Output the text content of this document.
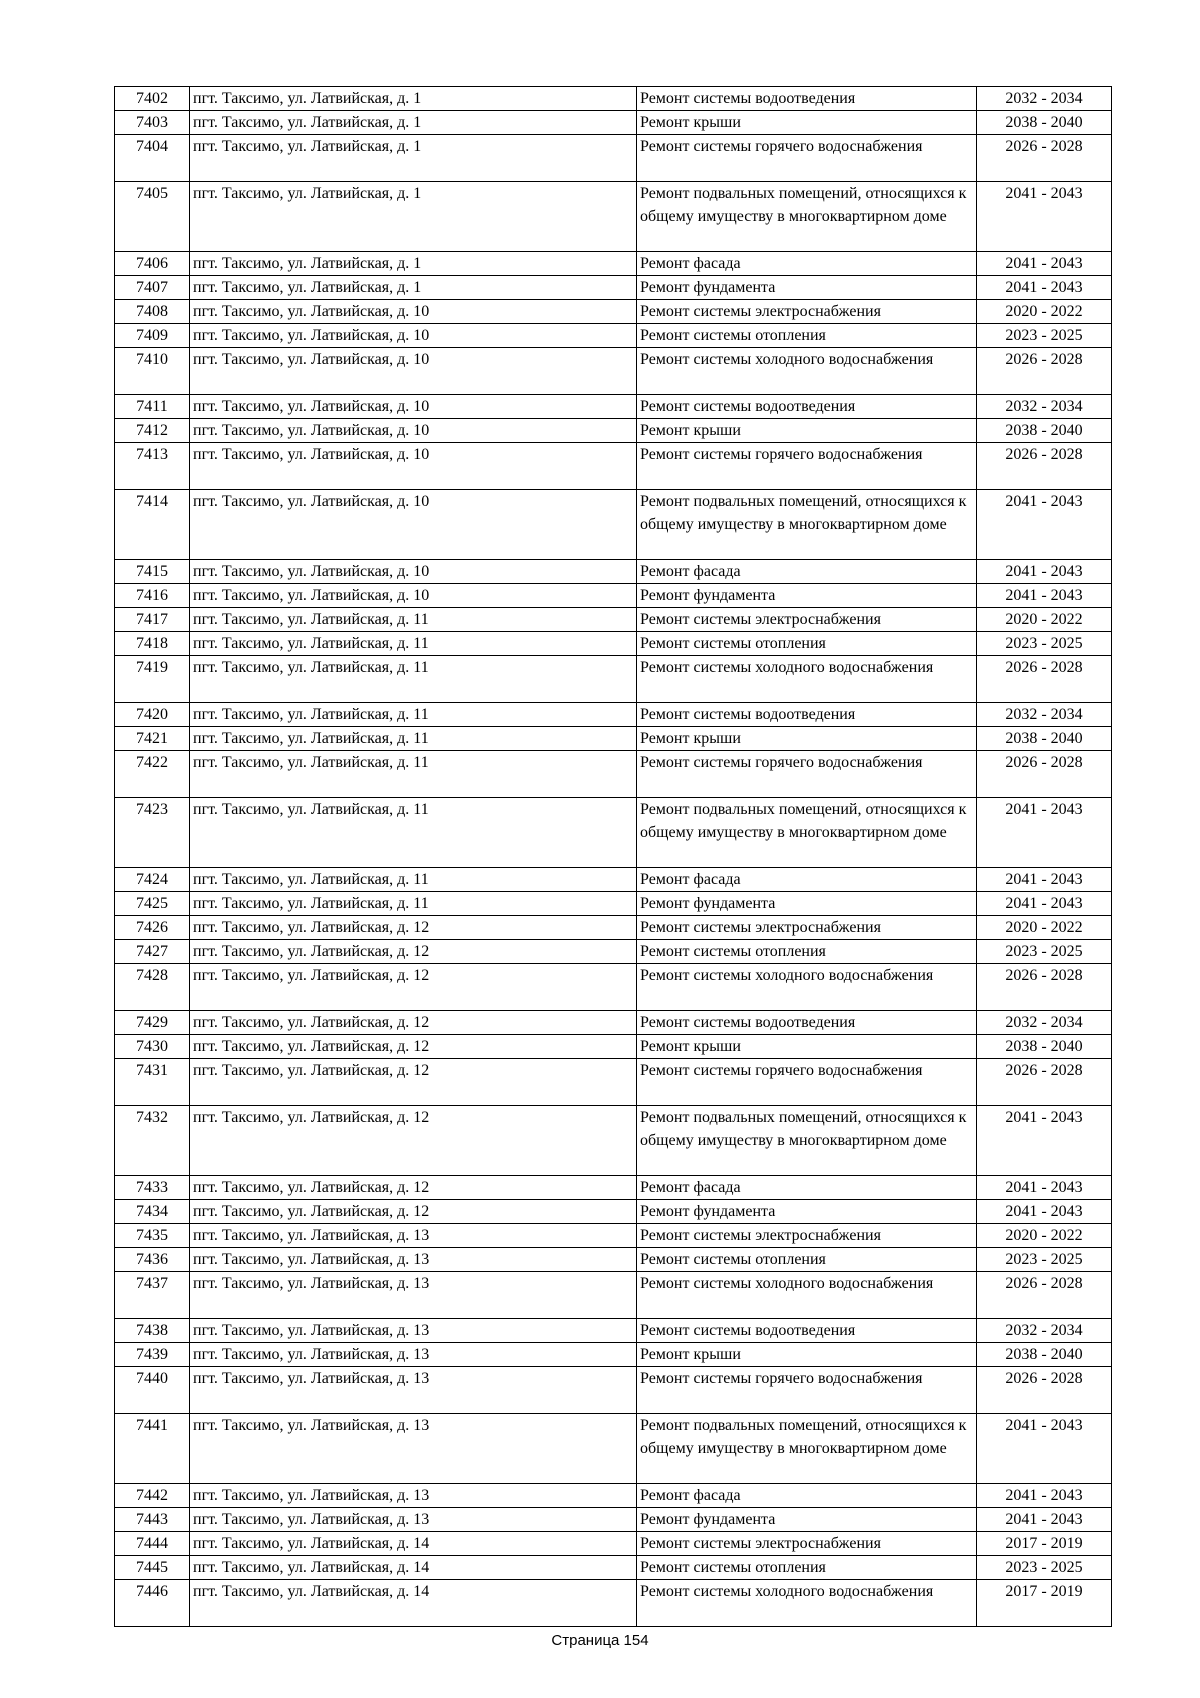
7402	пгт. Таксимо, ул. Латвийская, д. 1	Ремонт системы водоотведения	2032 - 2034
7403	пгт. Таксимо, ул. Латвийская, д. 1	Ремонт крыши	2038 - 2040
7404	пгт. Таксимо, ул. Латвийская, д. 1	Ремонт системы горячего водоснабжения	2026 - 2028
7405	пгт. Таксимо, ул. Латвийская, д. 1	Ремонт подвальных помещений, относящихся к общему имуществу в многоквартирном доме	2041 - 2043
7406	пгт. Таксимо, ул. Латвийская, д. 1	Ремонт фасада	2041 - 2043
7407	пгт. Таксимо, ул. Латвийская, д. 1	Ремонт фундамента	2041 - 2043
7408	пгт. Таксимо, ул. Латвийская, д. 10	Ремонт системы электроснабжения	2020 - 2022
7409	пгт. Таксимо, ул. Латвийская, д. 10	Ремонт системы отопления	2023 - 2025
7410	пгт. Таксимо, ул. Латвийская, д. 10	Ремонт системы холодного водоснабжения	2026 - 2028
7411	пгт. Таксимо, ул. Латвийская, д. 10	Ремонт системы водоотведения	2032 - 2034
7412	пгт. Таксимо, ул. Латвийская, д. 10	Ремонт крыши	2038 - 2040
7413	пгт. Таксимо, ул. Латвийская, д. 10	Ремонт системы горячего водоснабжения	2026 - 2028
7414	пгт. Таксимо, ул. Латвийская, д. 10	Ремонт подвальных помещений, относящихся к общему имуществу в многоквартирном доме	2041 - 2043
7415	пгт. Таксимо, ул. Латвийская, д. 10	Ремонт фасада	2041 - 2043
7416	пгт. Таксимо, ул. Латвийская, д. 10	Ремонт фундамента	2041 - 2043
7417	пгт. Таксимо, ул. Латвийская, д. 11	Ремонт системы электроснабжения	2020 - 2022
7418	пгт. Таксимо, ул. Латвийская, д. 11	Ремонт системы отопления	2023 - 2025
7419	пгт. Таксимо, ул. Латвийская, д. 11	Ремонт системы холодного водоснабжения	2026 - 2028
7420	пгт. Таксимо, ул. Латвийская, д. 11	Ремонт системы водоотведения	2032 - 2034
7421	пгт. Таксимо, ул. Латвийская, д. 11	Ремонт крыши	2038 - 2040
7422	пгт. Таксимо, ул. Латвийская, д. 11	Ремонт системы горячего водоснабжения	2026 - 2028
7423	пгт. Таксимо, ул. Латвийская, д. 11	Ремонт подвальных помещений, относящихся к общему имуществу в многоквартирном доме	2041 - 2043
7424	пгт. Таксимо, ул. Латвийская, д. 11	Ремонт фасада	2041 - 2043
7425	пгт. Таксимо, ул. Латвийская, д. 11	Ремонт фундамента	2041 - 2043
7426	пгт. Таксимо, ул. Латвийская, д. 12	Ремонт системы электроснабжения	2020 - 2022
7427	пгт. Таксимо, ул. Латвийская, д. 12	Ремонт системы отопления	2023 - 2025
7428	пгт. Таксимо, ул. Латвийская, д. 12	Ремонт системы холодного водоснабжения	2026 - 2028
7429	пгт. Таксимо, ул. Латвийская, д. 12	Ремонт системы водоотведения	2032 - 2034
7430	пгт. Таксимо, ул. Латвийская, д. 12	Ремонт крыши	2038 - 2040
7431	пгт. Таксимо, ул. Латвийская, д. 12	Ремонт системы горячего водоснабжения	2026 - 2028
7432	пгт. Таксимо, ул. Латвийская, д. 12	Ремонт подвальных помещений, относящихся к общему имуществу в многоквартирном доме	2041 - 2043
7433	пгт. Таксимо, ул. Латвийская, д. 12	Ремонт фасада	2041 - 2043
7434	пгт. Таксимо, ул. Латвийская, д. 12	Ремонт фундамента	2041 - 2043
7435	пгт. Таксимо, ул. Латвийская, д. 13	Ремонт системы электроснабжения	2020 - 2022
7436	пгт. Таксимо, ул. Латвийская, д. 13	Ремонт системы отопления	2023 - 2025
7437	пгт. Таксимо, ул. Латвийская, д. 13	Ремонт системы холодного водоснабжения	2026 - 2028
7438	пгт. Таксимо, ул. Латвийская, д. 13	Ремонт системы водоотведения	2032 - 2034
7439	пгт. Таксимо, ул. Латвийская, д. 13	Ремонт крыши	2038 - 2040
7440	пгт. Таксимо, ул. Латвийская, д. 13	Ремонт системы горячего водоснабжения	2026 - 2028
7441	пгт. Таксимо, ул. Латвийская, д. 13	Ремонт подвальных помещений, относящихся к общему имуществу в многоквартирном доме	2041 - 2043
7442	пгт. Таксимо, ул. Латвийская, д. 13	Ремонт фасада	2041 - 2043
7443	пгт. Таксимо, ул. Латвийская, д. 13	Ремонт фундамента	2041 - 2043
7444	пгт. Таксимо, ул. Латвийская, д. 14	Ремонт системы электроснабжения	2017 - 2019
7445	пгт. Таксимо, ул. Латвийская, д. 14	Ремонт системы отопления	2023 - 2025
7446	пгт. Таксимо, ул. Латвийская, д. 14	Ремонт системы холодного водоснабжения	2017 - 2019
Страница 154
